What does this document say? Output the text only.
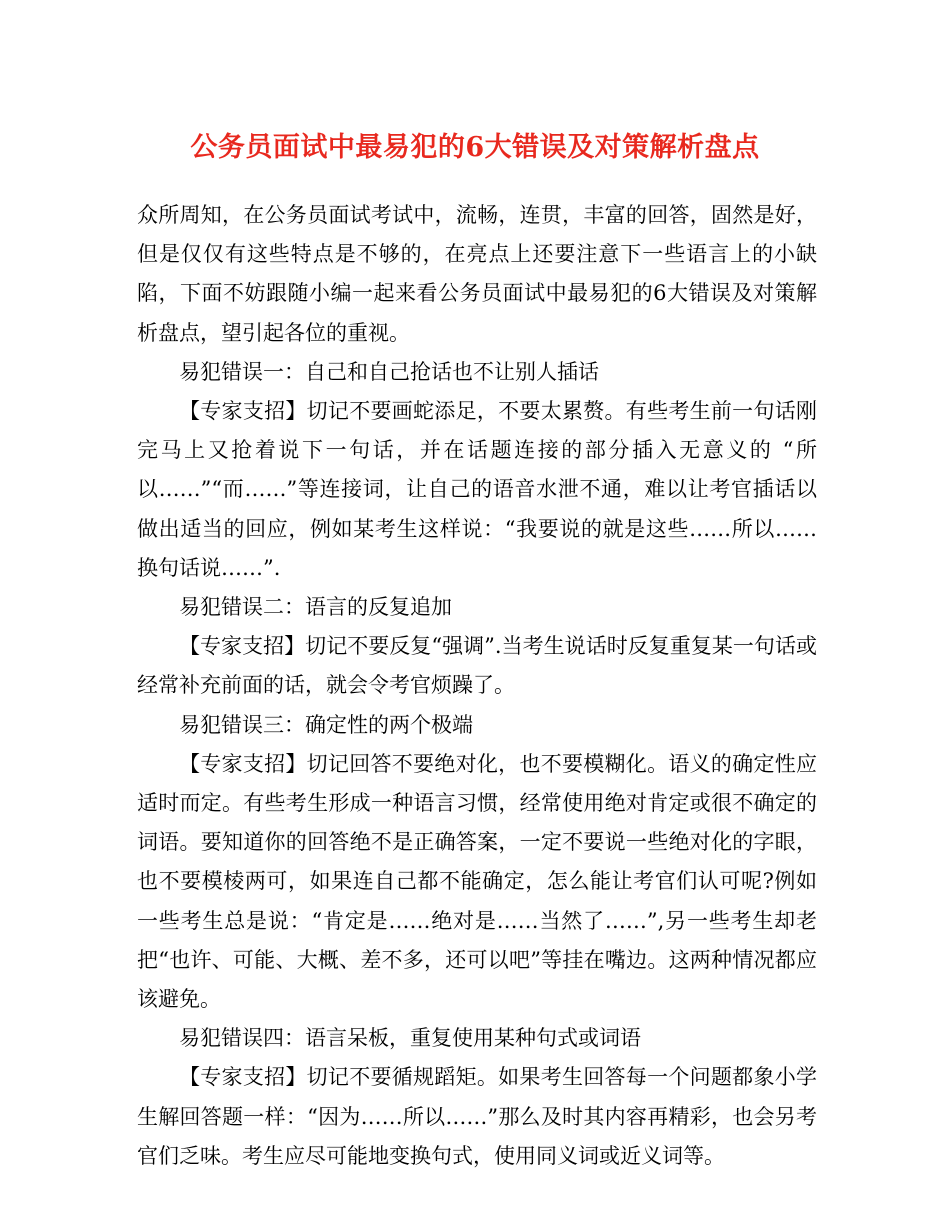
公务员面试中最易犯的6大错误及对策解析盘点

众所周知，在公务员面试考试中，流畅，连贯，丰富的回答，固然是好，但是仅仅有这些特点是不够的，在亮点上还要注意下一些语言上的小缺陷，下面不妨跟随小编一起来看公务员面试中最易犯的6大错误及对策解析盘点，望引起各位的重视。

易犯错误一：自己和自己抢话也不让别人插话

【专家支招】切记不要画蛇添足，不要太累赘。有些考生前一句话刚完马上又抢着说下一句话，并在话题连接的部分插入无意义的 “所以……”“而……”等连接词，让自己的语音水泄不通，难以让考官插话以做出适当的回应，例如某考生这样说：“我要说的就是这些……所以……换句话说……”.

易犯错误二：语言的反复追加

【专家支招】切记不要反复“强调”.当考生说话时反复重复某一句话或经常补充前面的话，就会令考官烦躁了。

易犯错误三：确定性的两个极端

【专家支招】切记回答不要绝对化，也不要模糊化。语义的确定性应适时而定。有些考生形成一种语言习惯，经常使用绝对肯定或很不确定的词语。要知道你的回答绝不是正确答案，一定不要说一些绝对化的字眼，也不要模棱两可，如果连自己都不能确定，怎么能让考官们认可呢?例如一些考生总是说：“肯定是……绝对是……当然了……”,另一些考生却老把“也许、可能、大概、差不多，还可以吧”等挂在嘴边。这两种情况都应该避免。

易犯错误四：语言呆板，重复使用某种句式或词语

【专家支招】切记不要循规蹈矩。如果考生回答每一个问题都象小学生解回答题一样：“因为……所以……”那么及时其内容再精彩，也会另考官们乏味。考生应尽可能地变换句式，使用同义词或近义词等。
